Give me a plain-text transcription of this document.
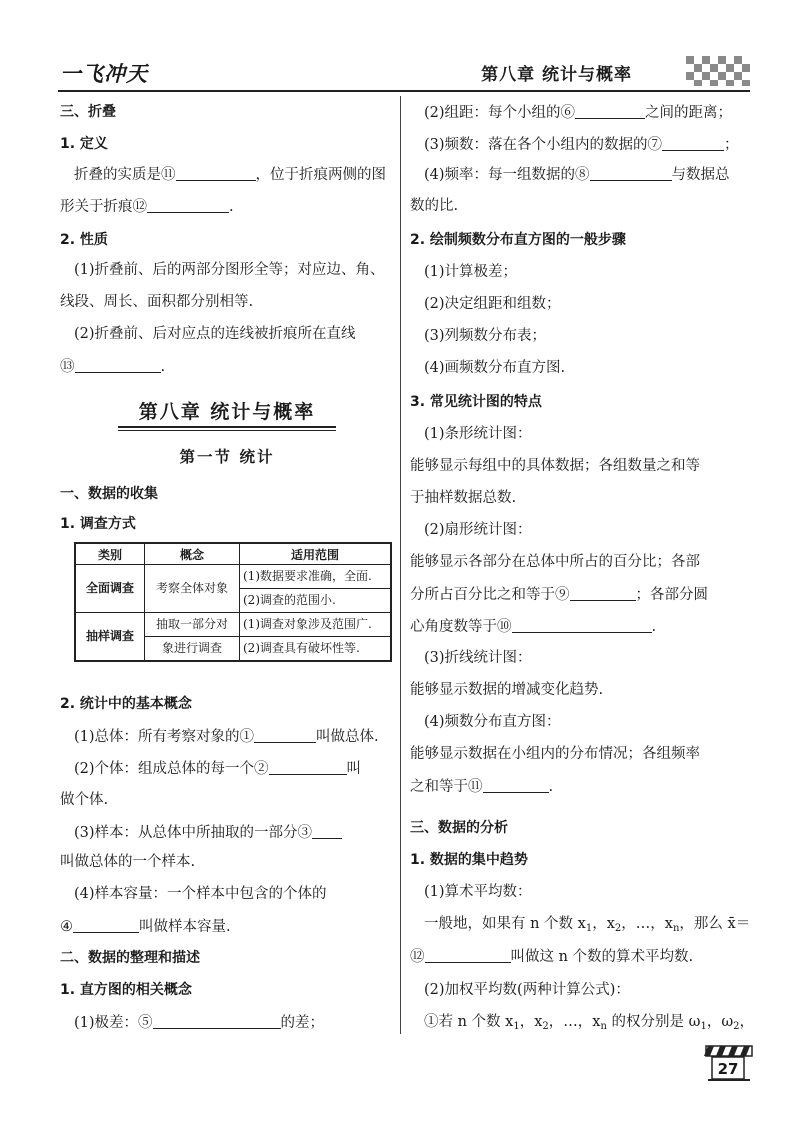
一飞冲天	第八章 统计与概率
三、折叠
1. 定义
折叠的实质是⑪	，位于折痕两侧的图
形关于折痕⑫	.
2. 性质
(1)折叠前、后的两部分图形全等；对应边、角、
线段、周长、面积都分别相等.
(2)折叠前、后对应点的连线被折痕所在直线
⑬	.
第八章 统计与概率
第一节 统计
一、数据的收集
1. 调查方式
类别	概念	适用范围
全面调查	考察全体对象	(1)数据要求准确，全面.
		(2)调查的范围小.
抽样调查	抽取一部分对	(1)调查对象涉及范围广.
	象进行调查	(2)调查具有破坏性等.
2. 统计中的基本概念
(1)总体：所有考察对象的①	叫做总体.
(2)个体：组成总体的每一个②	叫
做个体.
(3)样本：从总体中所抽取的一部分③
叫做总体的一个样本.
(4)样本容量：一个样本中包含的个体的
④	叫做样本容量.
二、数据的整理和描述
1. 直方图的相关概念
(1)极差：⑤	的差；
(2)组距：每个小组的⑥	之间的距离；
(3)频数：落在各个小组内的数据的⑦	；
(4)频率：每一组数据的⑧	与数据总
数的比.
2. 绘制频数分布直方图的一般步骤
(1)计算极差；
(2)决定组距和组数；
(3)列频数分布表；
(4)画频数分布直方图.
3. 常见统计图的特点
(1)条形统计图：
能够显示每组中的具体数据；各组数量之和等
于抽样数据总数.
(2)扇形统计图：
能够显示各部分在总体中所占的百分比；各部
分所占百分比之和等于⑨	；各部分圆
心角度数等于⑩	.
(3)折线统计图：
能够显示数据的增减变化趋势.
(4)频数分布直方图：
能够显示数据在小组内的分布情况；各组频率
之和等于⑪	.
三、数据的分析
1. 数据的集中趋势
(1)算术平均数：
一般地，如果有 n 个数 $x_1$，$x_2$，…，$x_n$，那么 x̄＝
⑫	叫做这 n 个数的算术平均数.
(2)加权平均数(两种计算公式)：
①若 n 个数 $x_1$，$x_2$，…，$x_n$ 的权分别是 $\omega_1$，$\omega_2$，
27
